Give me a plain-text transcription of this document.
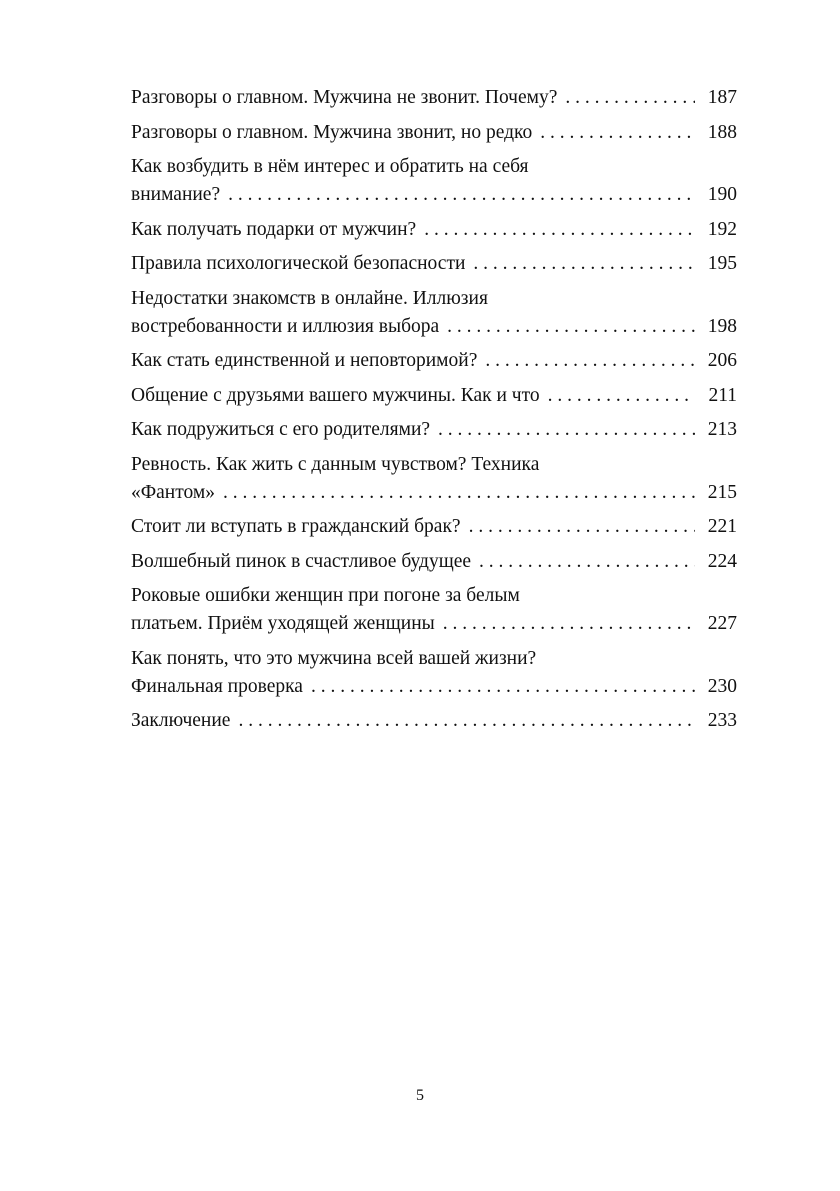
Разговоры о главном. Мужчина не звонит. Почему? . . .	187
Разговоры о главном. Мужчина звонит, но редко . . .	188
Как возбудить в нём интерес и обратить на себя
внимание? . . .	190
Как получать подарки от мужчин? . . .	192
Правила психологической безопасности . . .	195
Недостатки знакомств в онлайне. Иллюзия
востребованности и иллюзия выбора . . .	198
Как стать единственной и неповторимой? . . .	206
Общение с друзьями вашего мужчины. Как и что . . .	211
Как подружиться с его родителями? . . .	213
Ревность. Как жить с данным чувством? Техника
«Фантом» . . .	215
Стоит ли вступать в гражданский брак? . . .	221
Волшебный пинок в счастливое будущее . . .	224
Роковые ошибки женщин при погоне за белым
платьем. Приём уходящей женщины . . .	227
Как понять, что это мужчина всей вашей жизни?
Финальная проверка . . .	230
Заключение . . .	233
5
